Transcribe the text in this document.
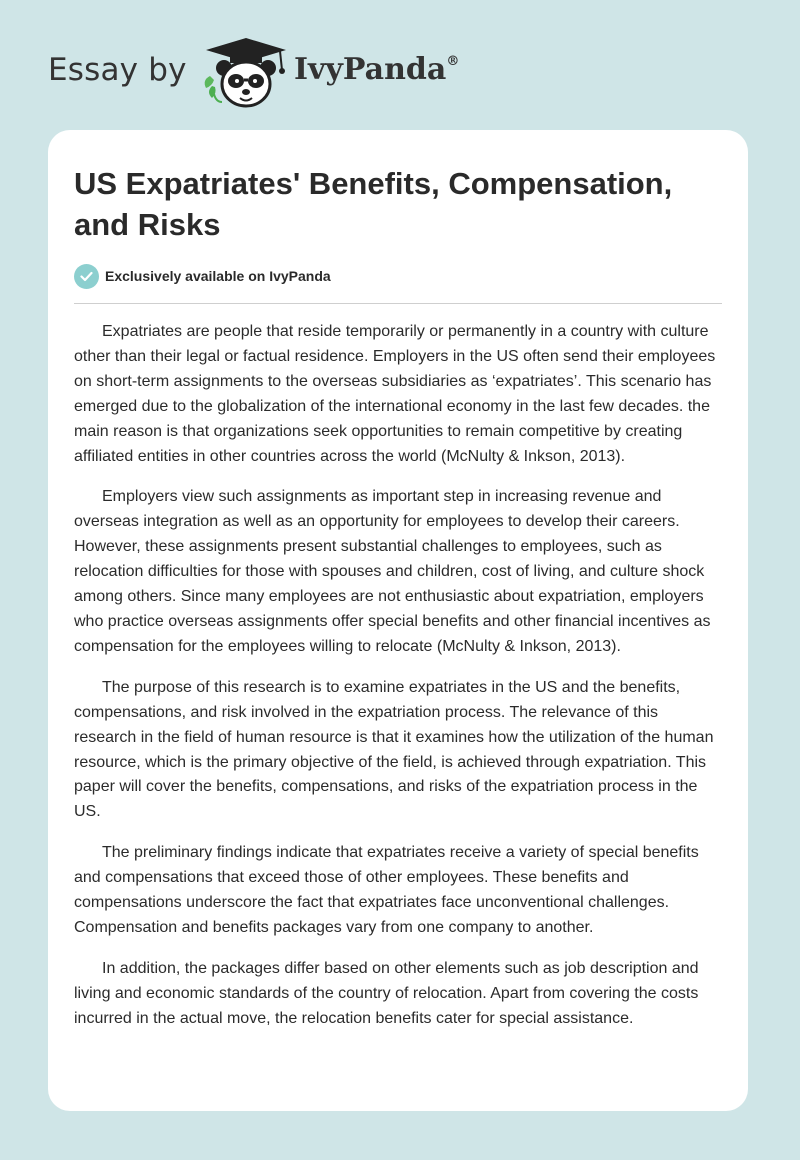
Essay by	IvyPanda®
US Expatriates' Benefits, Compensation, and Risks
Exclusively available on IvyPanda

Expatriates are people that reside temporarily or permanently in a country with culture other than their legal or factual residence. Employers in the US often send their employees on short-term assignments to the overseas subsidiaries as ‘expatriates’. This scenario has emerged due to the globalization of the international economy in the last few decades. the main reason is that organizations seek opportunities to remain competitive by creating affiliated entities in other countries across the world (McNulty & Inkson, 2013).

Employers view such assignments as important step in increasing revenue and overseas integration as well as an opportunity for employees to develop their careers. However, these assignments present substantial challenges to employees, such as relocation difficulties for those with spouses and children, cost of living, and culture shock among others. Since many employees are not enthusiastic about expatriation, employers who practice overseas assignments offer special benefits and other financial incentives as compensation for the employees willing to relocate (McNulty & Inkson, 2013).

The purpose of this research is to examine expatriates in the US and the benefits, compensations, and risk involved in the expatriation process. The relevance of this research in the field of human resource is that it examines how the utilization of the human resource, which is the primary objective of the field, is achieved through expatriation. This paper will cover the benefits, compensations, and risks of the expatriation process in the US.

The preliminary findings indicate that expatriates receive a variety of special benefits and compensations that exceed those of other employees. These benefits and compensations underscore the fact that expatriates face unconventional challenges. Compensation and benefits packages vary from one company to another.

In addition, the packages differ based on other elements such as job description and living and economic standards of the country of relocation. Apart from covering the costs incurred in the actual move, the relocation benefits cater for special assistance.
